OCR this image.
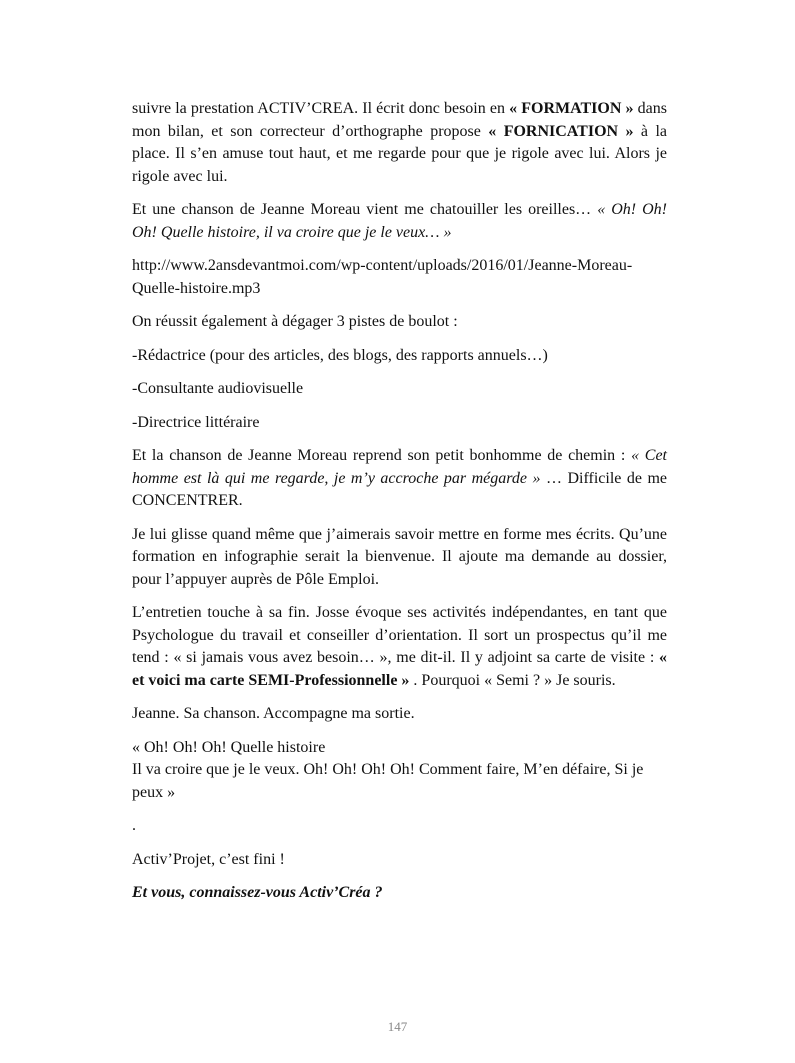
suivre la prestation ACTIV’CREA. Il écrit donc besoin en « FORMATION » dans mon bilan, et son correcteur d’orthographe propose « FORNICATION » à la place. Il s’en amuse tout haut, et me regarde pour que je rigole avec lui. Alors je rigole avec lui.

Et une chanson de Jeanne Moreau vient me chatouiller les oreilles… « Oh! Oh! Oh! Quelle histoire, il va croire que je le veux… »

http://www.2ansdevantmoi.com/wp-content/uploads/2016/01/Jeanne-Moreau-
Quelle-histoire.mp3

On réussit également à dégager 3 pistes de boulot :

-Rédactrice (pour des articles, des blogs, des rapports annuels…)

-Consultante audiovisuelle

-Directrice littéraire

Et la chanson de Jeanne Moreau reprend son petit bonhomme de chemin : « Cet homme est là qui me regarde, je m’y accroche par mégarde » … Difficile de me CONCENTRER.

Je lui glisse quand même que j’aimerais savoir mettre en forme mes écrits. Qu’une formation en infographie serait la bienvenue. Il ajoute ma demande au dossier, pour l’appuyer auprès de Pôle Emploi.

L’entretien touche à sa fin. Josse évoque ses activités indépendantes, en tant que Psychologue du travail et conseiller d’orientation. Il sort un prospectus qu’il me tend : « si jamais vous avez besoin… », me dit-il. Il y adjoint sa carte de visite : « et voici ma carte SEMI-Professionnelle » . Pourquoi « Semi ? » Je souris.

Jeanne. Sa chanson. Accompagne ma sortie.

« Oh! Oh! Oh! Quelle histoire
Il va croire que je le veux. Oh! Oh! Oh! Oh! Comment faire, M’en défaire, Si je peux »

.

Activ’Projet, c’est fini !

Et vous, connaissez-vous Activ’Créa ?

147
